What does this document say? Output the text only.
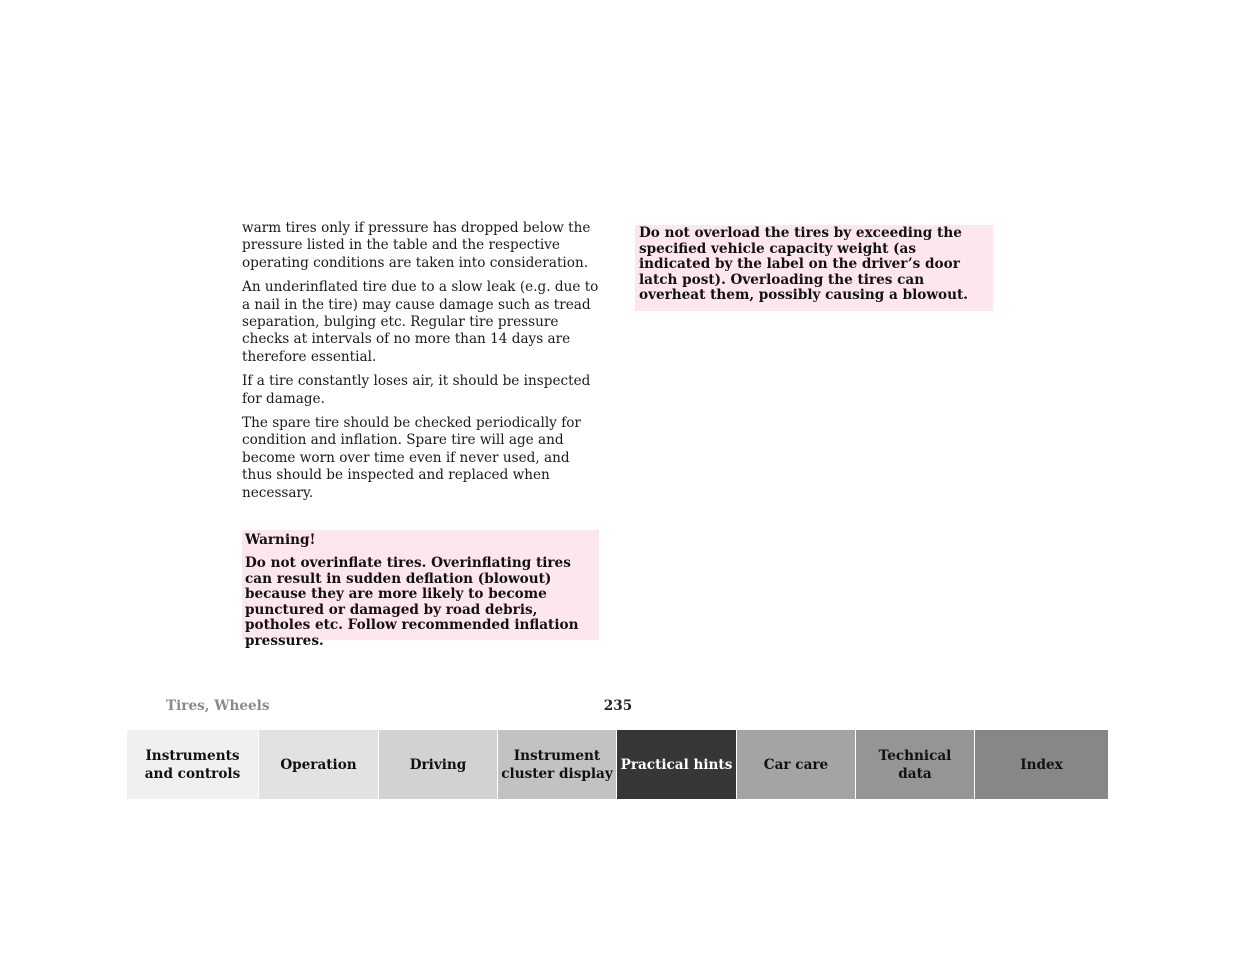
warm tires only if pressure has dropped below the pressure listed in the table and the respective operating conditions are taken into consideration.

An underinflated tire due to a slow leak (e.g. due to a nail in the tire) may cause damage such as tread separation, bulging etc. Regular tire pressure checks at intervals of no more than 14 days are therefore essential.

If a tire constantly loses air, it should be inspected for damage.

The spare tire should be checked periodically for condition and inflation. Spare tire will age and become worn over time even if never used, and thus should be inspected and replaced when necessary.

Warning!

Do not overinflate tires. Overinflating tires can result in sudden deflation (blowout) because they are more likely to become punctured or damaged by road debris, potholes etc. Follow recommended inflation pressures.

Do not overload the tires by exceeding the specified vehicle capacity weight (as indicated by the label on the driver’s door latch post). Overloading the tires can overheat them, possibly causing a blowout.

Tires, Wheels	235
Instruments
and controls
Operation	Driving
Instrument
cluster display
Practical hints	Car care
Technical
data
Index
